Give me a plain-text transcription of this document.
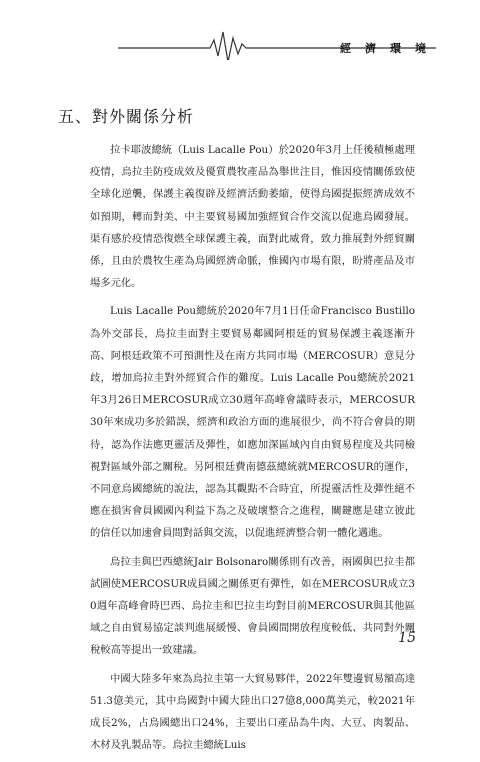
經濟環境
五、對外關係分析

拉卡耶波總統（Luis Lacalle Pou）於2020年3月上任後積極處理疫情，烏拉圭防疫成效及優質農牧產品為舉世注目，惟因疫情關係致使全球化逆襲，保護主義復辟及經濟活動萎縮，使得烏國提振經濟成效不如預期，轉而對美、中主要貿易國加強經貿合作交流以促進烏國發展。渠有感於疫情恐復燃全球保護主義，面對此威脅，致力推展對外經貿關係，且由於農牧生產為烏國經濟命脈，惟國內市場有限，盼將產品及市場多元化。

Luis Lacalle Pou總統於2020年7月1日任命Francisco Bustillo為外交部長，烏拉圭面對主要貿易鄰國阿根廷的貿易保護主義逐漸升高、阿根廷政策不可預測性及在南方共同市場（MERCOSUR）意見分歧，增加烏拉圭對外經貿合作的難度。Luis Lacalle Pou總統於2021年3月26日MERCOSUR成立30週年高峰會議時表示，MERCOSUR 30年來成功多於錯誤，經濟和政治方面的進展很少，尚不符合會員的期待，認為作法應更靈活及彈性，如應加深區域內自由貿易程度及共同檢視對區域外部之關稅。另阿根廷費南德茲總統就MERCOSUR的運作，不同意烏國總統的說法，認為其觀點不合時宜，所提靈活性及彈性絕不應在損害會員國國內利益下為之及破壞整合之進程，關鍵應是建立彼此的信任以加速會員間對話與交流，以促進經濟整合朝一體化邁進。

烏拉圭與巴西總統Jair Bolsonaro關係則有改善，兩國與巴拉圭都試圖使MERCOSUR成員國之關係更有彈性，如在MERCOSUR成立30週年高峰會時巴西、烏拉圭和巴拉圭均對目前MERCOSUR與其他區域之自由貿易協定談判進展緩慢、會員國間開放程度較低、共同對外關稅較高等提出一致建議。

中國大陸多年來為烏拉圭第一大貿易夥伴，2022年雙邊貿易額高達51.3億美元，其中烏國對中國大陸出口27億8,000萬美元，較2021年成長2%，占烏國總出口24%，主要出口產品為牛肉、大豆、肉製品、木材及乳製品等。烏拉圭總統Luis

15
